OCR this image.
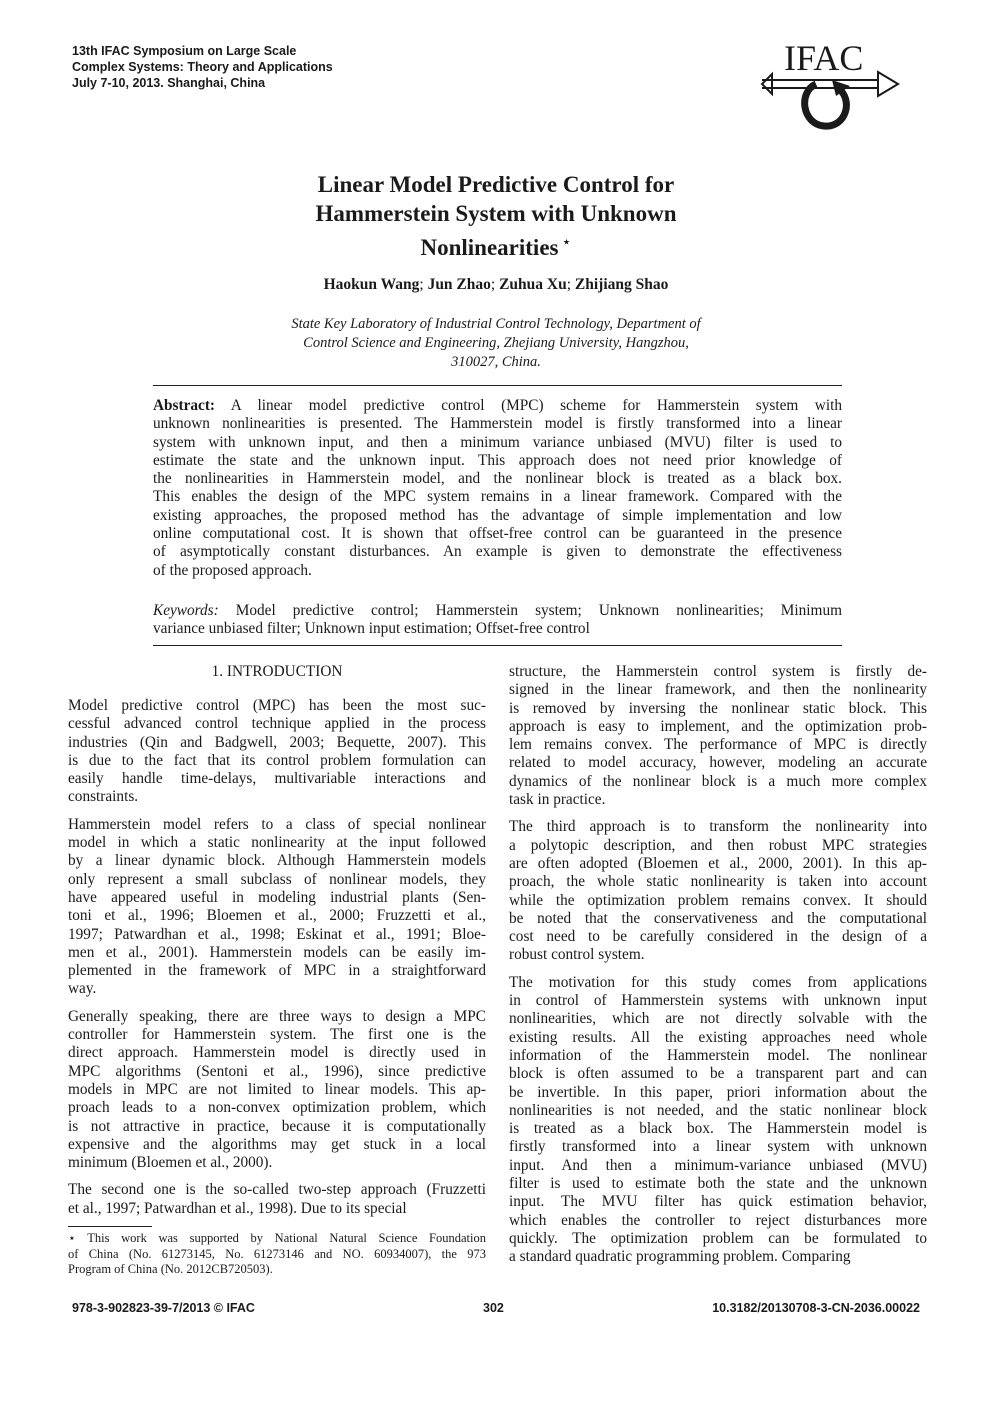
13th IFAC Symposium on Large Scale
Complex Systems: Theory and Applications
July 7-10, 2013. Shanghai, China
IFAC
Linear Model Predictive Control for
Hammerstein System with Unknown
Nonlinearities ⋆
Haokun Wang; Jun Zhao; Zuhua Xu; Zhijiang Shao
State Key Laboratory of Industrial Control Technology, Department of
Control Science and Engineering, Zhejiang University, Hangzhou,
310027, China.
Abstract: A linear model predictive control (MPC) scheme for Hammerstein system with
unknown nonlinearities is presented. The Hammerstein model is firstly transformed into a linear
system with unknown input, and then a minimum variance unbiased (MVU) filter is used to
estimate the state and the unknown input. This approach does not need prior knowledge of
the nonlinearities in Hammerstein model, and the nonlinear block is treated as a black box.
This enables the design of the MPC system remains in a linear framework. Compared with the
existing approaches, the proposed method has the advantage of simple implementation and low
online computational cost. It is shown that offset-free control can be guaranteed in the presence
of asymptotically constant disturbances. An example is given to demonstrate the effectiveness
of the proposed approach.
Keywords: Model predictive control; Hammerstein system; Unknown nonlinearities; Minimum
variance unbiased filter; Unknown input estimation; Offset-free control
1. INTRODUCTION
Model predictive control (MPC) has been the most suc-
cessful advanced control technique applied in the process
industries (Qin and Badgwell, 2003; Bequette, 2007). This
is due to the fact that its control problem formulation can
easily handle time-delays, multivariable interactions and
constraints.
Hammerstein model refers to a class of special nonlinear
model in which a static nonlinearity at the input followed
by a linear dynamic block. Although Hammerstein models
only represent a small subclass of nonlinear models, they
have appeared useful in modeling industrial plants (Sen-
toni et al., 1996; Bloemen et al., 2000; Fruzzetti et al.,
1997; Patwardhan et al., 1998; Eskinat et al., 1991; Bloe-
men et al., 2001). Hammerstein models can be easily im-
plemented in the framework of MPC in a straightforward
way.
Generally speaking, there are three ways to design a MPC
controller for Hammerstein system. The first one is the
direct approach. Hammerstein model is directly used in
MPC algorithms (Sentoni et al., 1996), since predictive
models in MPC are not limited to linear models. This ap-
proach leads to a non-convex optimization problem, which
is not attractive in practice, because it is computationally
expensive and the algorithms may get stuck in a local
minimum (Bloemen et al., 2000).
The second one is the so-called two-step approach (Fruzzetti
et al., 1997; Patwardhan et al., 1998). Due to its special
⋆ This work was supported by National Natural Science Foundation
of China (No. 61273145, No. 61273146 and NO. 60934007), the 973
Program of China (No. 2012CB720503).
structure, the Hammerstein control system is firstly de-
signed in the linear framework, and then the nonlinearity
is removed by inversing the nonlinear static block. This
approach is easy to implement, and the optimization prob-
lem remains convex. The performance of MPC is directly
related to model accuracy, however, modeling an accurate
dynamics of the nonlinear block is a much more complex
task in practice.
The third approach is to transform the nonlinearity into
a polytopic description, and then robust MPC strategies
are often adopted (Bloemen et al., 2000, 2001). In this ap-
proach, the whole static nonlinearity is taken into account
while the optimization problem remains convex. It should
be noted that the conservativeness and the computational
cost need to be carefully considered in the design of a
robust control system.
The motivation for this study comes from applications
in control of Hammerstein systems with unknown input
nonlinearities, which are not directly solvable with the
existing results. All the existing approaches need whole
information of the Hammerstein model. The nonlinear
block is often assumed to be a transparent part and can
be invertible. In this paper, priori information about the
nonlinearities is not needed, and the static nonlinear block
is treated as a black box. The Hammerstein model is
firstly transformed into a linear system with unknown
input. And then a minimum-variance unbiased (MVU)
filter is used to estimate both the state and the unknown
input. The MVU filter has quick estimation behavior,
which enables the controller to reject disturbances more
quickly. The optimization problem can be formulated to
a standard quadratic programming problem. Comparing
978-3-902823-39-7/2013 © IFAC	302	10.3182/20130708-3-CN-2036.00022
